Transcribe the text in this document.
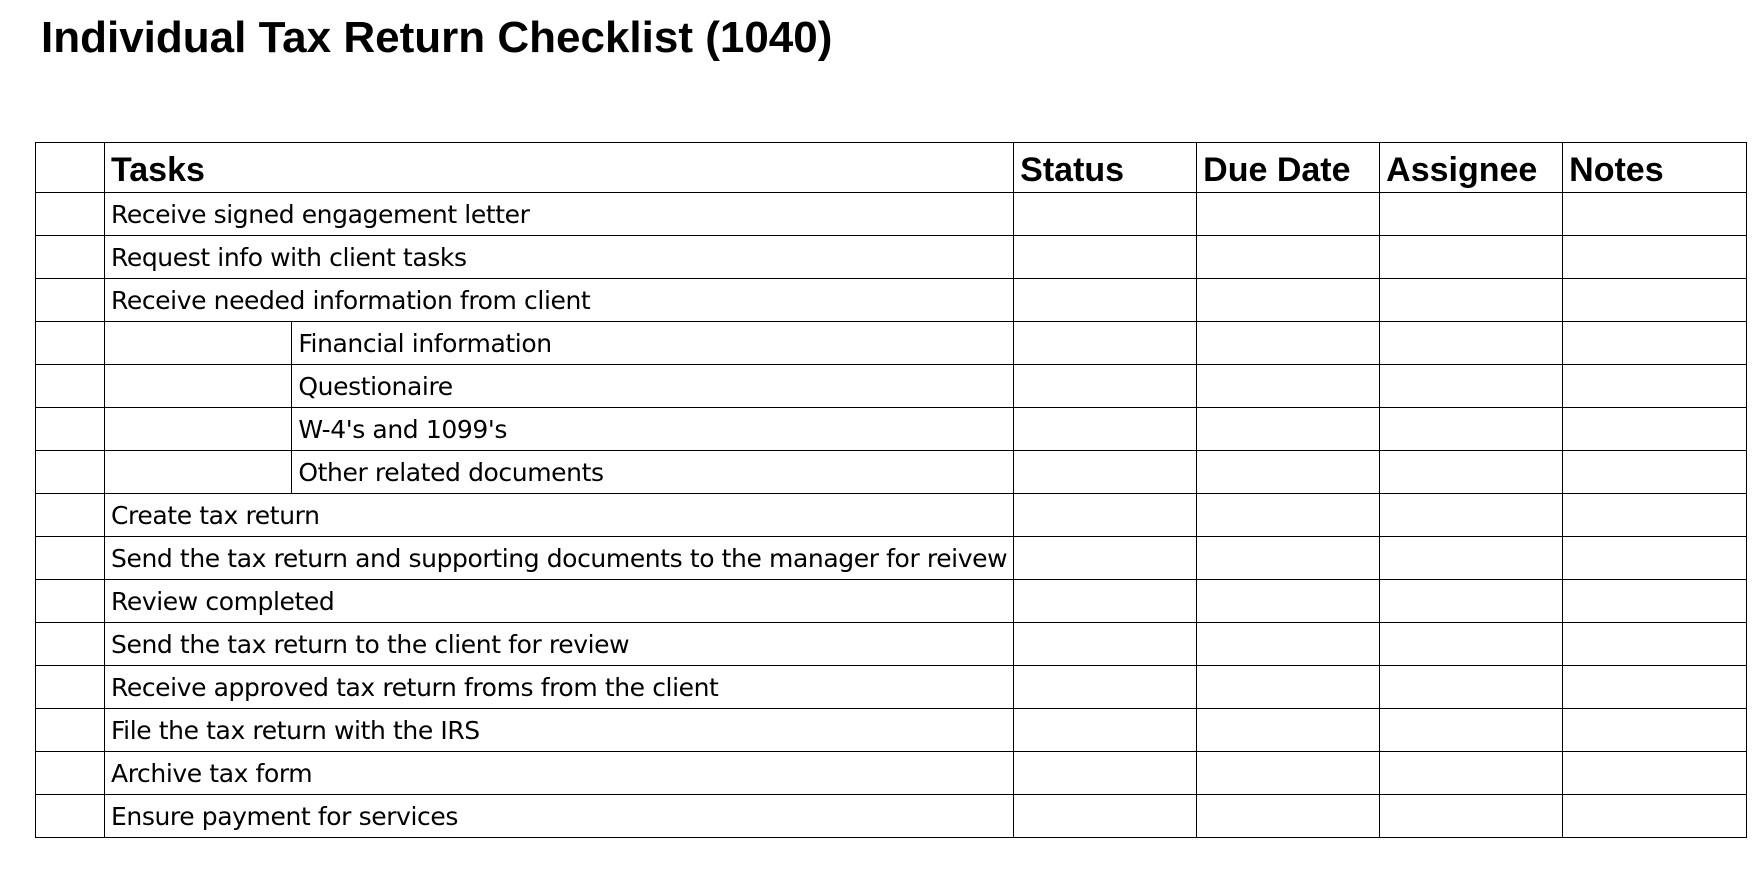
Individual Tax Return Checklist (1040)
	Tasks		Status	Due Date	Assignee	Notes
	Receive signed engagement letter					
	Request info with client tasks					
	Receive needed information from client					
		Financial information				
		Questionaire				
		W-4's and 1099's				
		Other related documents				
	Create tax return					
	Send the tax return and supporting documents to the manager for reivew					
	Review completed					
	Send the tax return to the client for review					
	Receive approved tax return froms from the client					
	File the tax return with the IRS					
	Archive tax form					
	Ensure payment for services					
